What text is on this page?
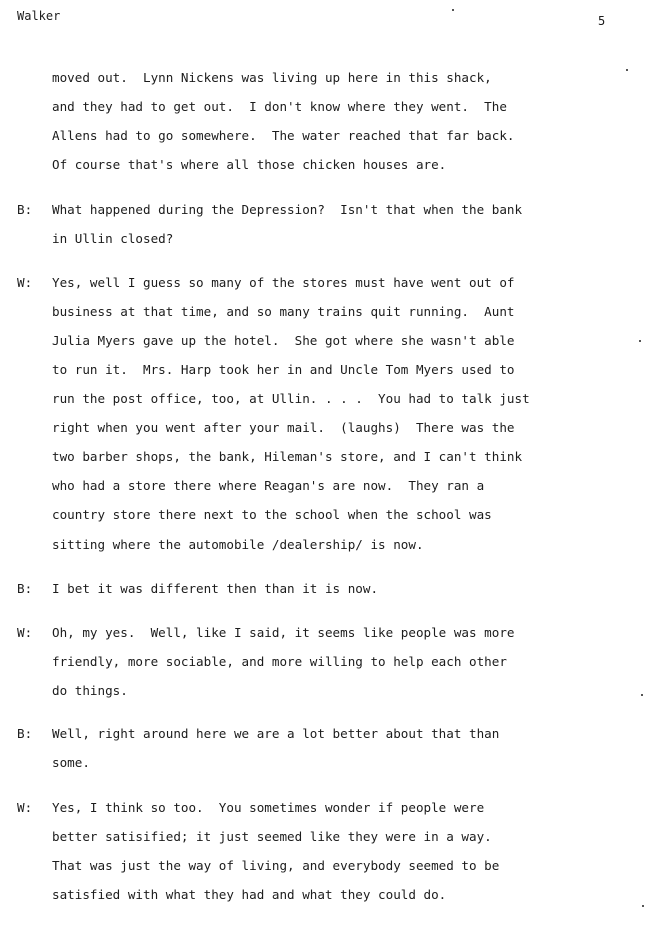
Walker	5
moved out.  Lynn Nickens was living up here in this shack,
and they had to get out.  I don't know where they went.  The
Allens had to go somewhere.  The water reached that far back.
Of course that's where all those chicken houses are.
B: What happened during the Depression?  Isn't that when the bank
in Ullin closed?
W: Yes, well I guess so many of the stores must have went out of
business at that time, and so many trains quit running.  Aunt
Julia Myers gave up the hotel.  She got where she wasn't able
to run it.  Mrs. Harp took her in and Uncle Tom Myers used to
run the post office, too, at Ullin. . . .  You had to talk just
right when you went after your mail.  (laughs)  There was the
two barber shops, the bank, Hileman's store, and I can't think
who had a store there where Reagan's are now.  They ran a
country store there next to the school when the school was
sitting where the automobile /dealership/ is now.
B: I bet it was different then than it is now.
W: Oh, my yes.  Well, like I said, it seems like people was more
friendly, more sociable, and more willing to help each other
do things.
B: Well, right around here we are a lot better about that than
some.
W: Yes, I think so too.  You sometimes wonder if people were
better satisified; it just seemed like they were in a way.
That was just the way of living, and everybody seemed to be
satisfied with what they had and what they could do.
